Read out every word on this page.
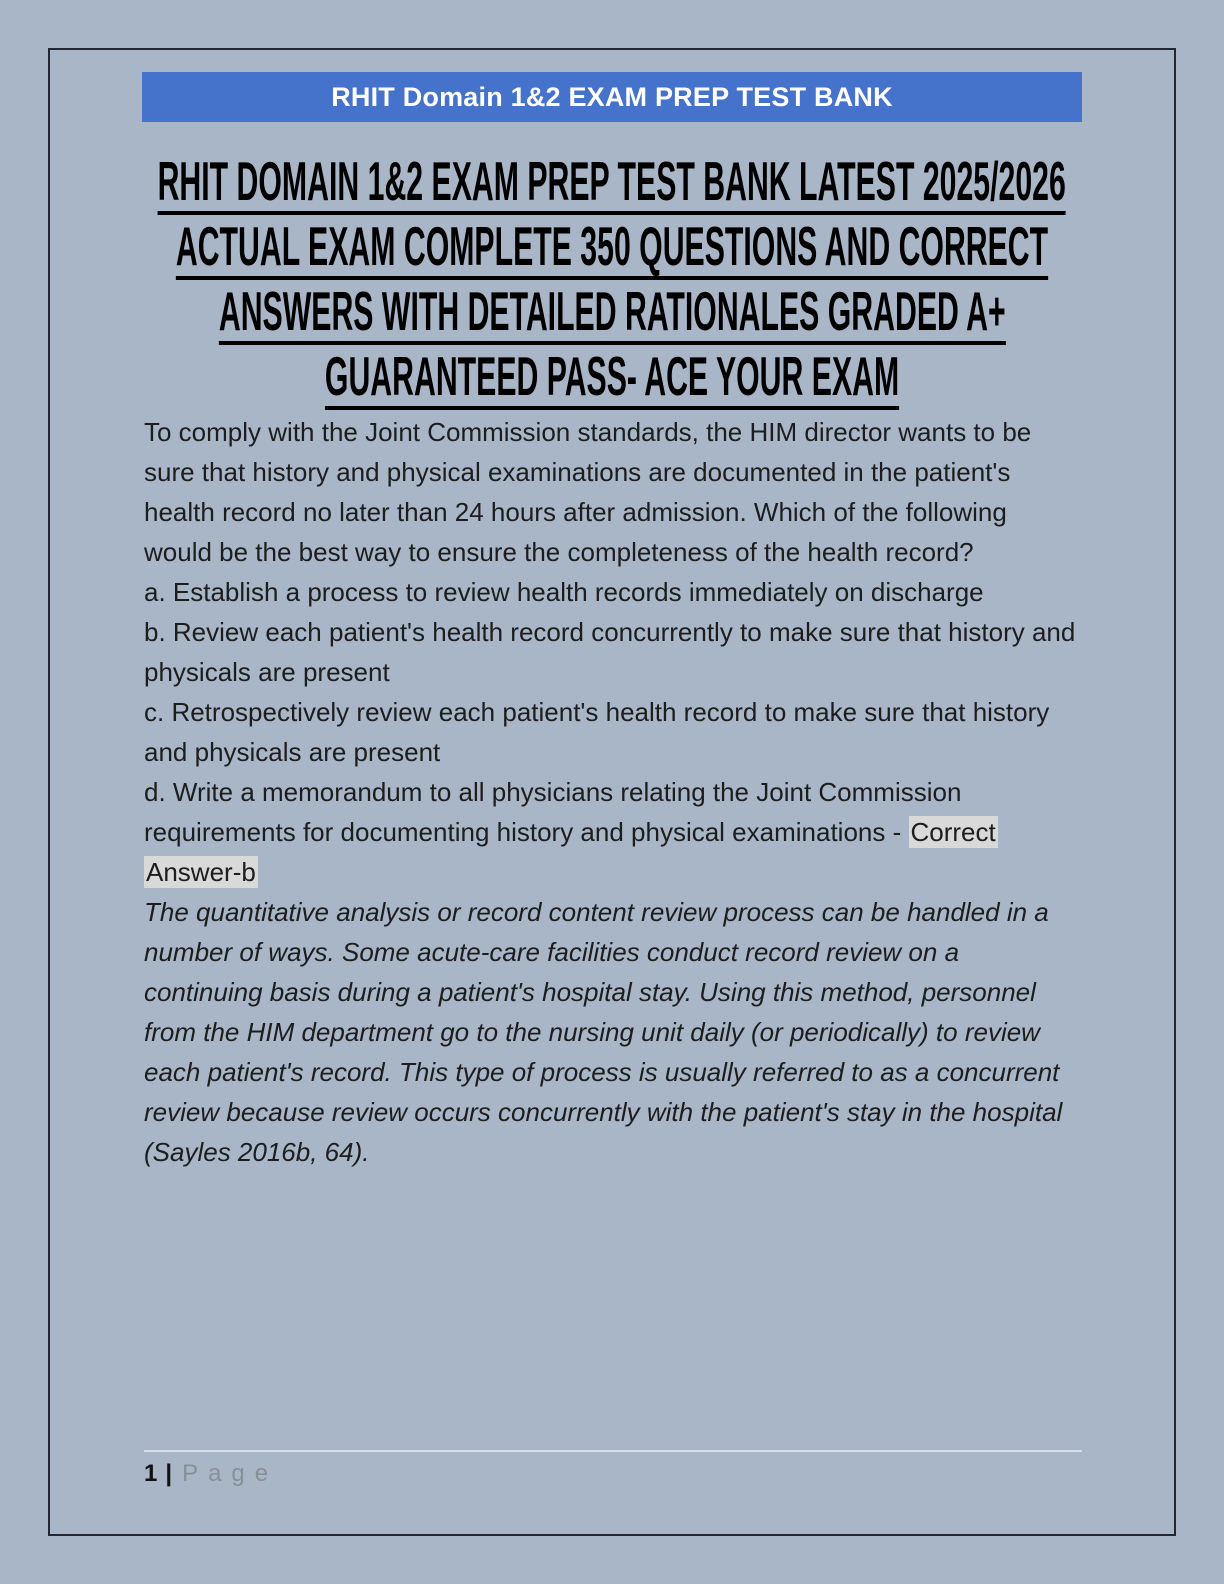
RHIT Domain 1&2 EXAM PREP TEST BANK
RHIT DOMAIN 1&2 EXAM PREP TEST BANK LATEST 2025/2026
ACTUAL EXAM COMPLETE 350 QUESTIONS AND CORRECT
ANSWERS WITH DETAILED RATIONALES GRADED A+
GUARANTEED PASS- ACE YOUR EXAM

To comply with the Joint Commission standards, the HIM director wants to be sure that history and physical examinations are documented in the patient's health record no later than 24 hours after admission. Which of the following would be the best way to ensure the completeness of the health record?

a. Establish a process to review health records immediately on discharge

b. Review each patient's health record concurrently to make sure that history and physicals are present

c. Retrospectively review each patient's health record to make sure that history and physicals are present

d. Write a memorandum to all physicians relating the Joint Commission requirements for documenting history and physical examinations - Correct Answer-b

The quantitative analysis or record content review process can be handled in a number of ways. Some acute-care facilities conduct record review on a continuing basis during a patient's hospital stay. Using this method, personnel from the HIM department go to the nursing unit daily (or periodically) to review each patient's record. This type of process is usually referred to as a concurrent review because review occurs concurrently with the patient's stay in the hospital (Sayles 2016b, 64).

1 | Page
